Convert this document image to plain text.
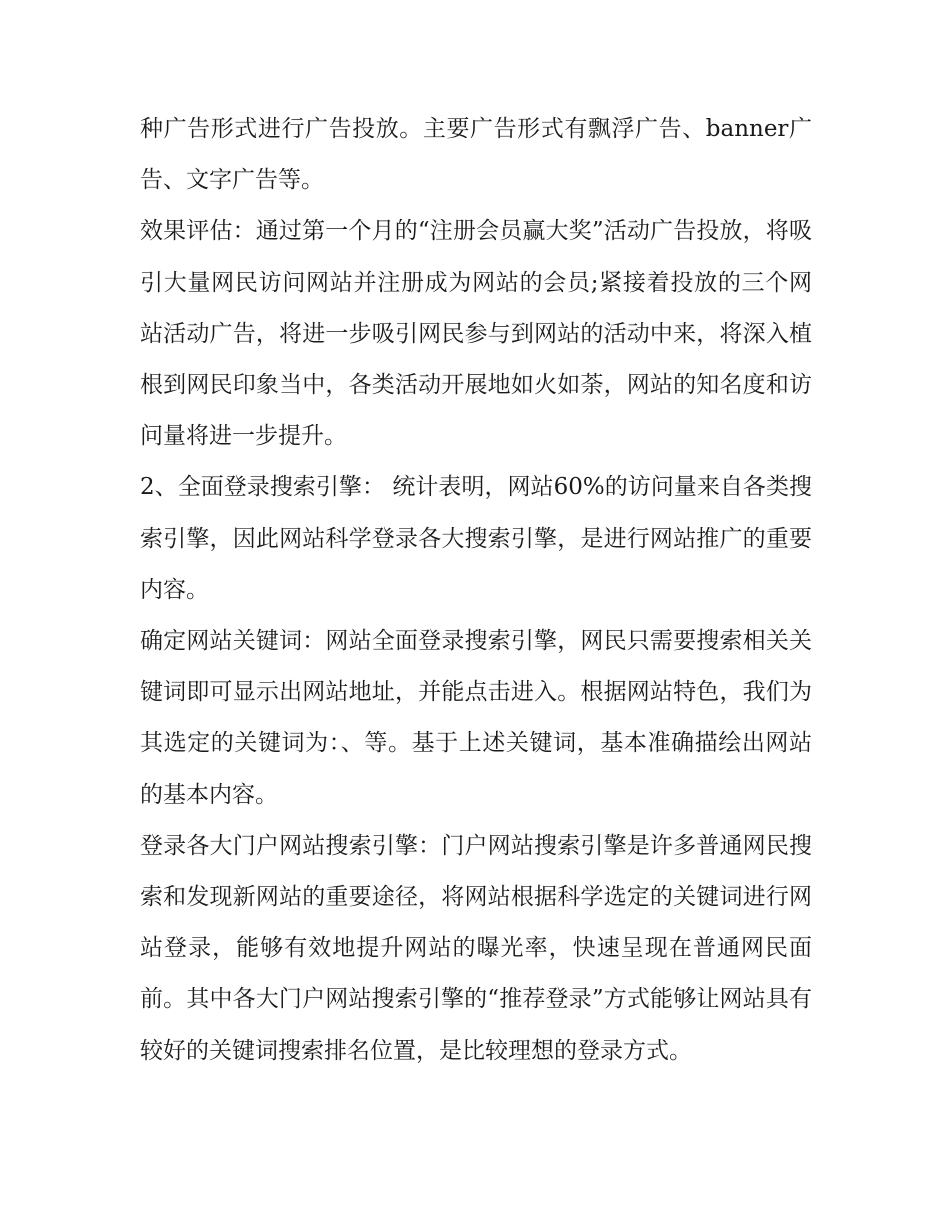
种广告形式进行广告投放。主要广告形式有飘浮广告、banner广告、文字广告等。

效果评估：通过第一个月的“注册会员赢大奖”活动广告投放，将吸引大量网民访问网站并注册成为网站的会员;紧接着投放的三个网站活动广告，将进一步吸引网民参与到网站的活动中来，将深入植根到网民印象当中，各类活动开展地如火如荼，网站的知名度和访问量将进一步提升。

2、全面登录搜索引擎： 统计表明，网站60%的访问量来自各类搜索引擎，因此网站科学登录各大搜索引擎，是进行网站推广的重要内容。

确定网站关键词：网站全面登录搜索引擎，网民只需要搜索相关关键词即可显示出网站地址，并能点击进入。根据网站特色，我们为其选定的关键词为：、等。基于上述关键词，基本准确描绘出网站的基本内容。

登录各大门户网站搜索引擎：门户网站搜索引擎是许多普通网民搜索和发现新网站的重要途径，将网站根据科学选定的关键词进行网站登录，能够有效地提升网站的曝光率，快速呈现在普通网民面前。其中各大门户网站搜索引擎的“推荐登录”方式能够让网站具有较好的关键词搜索排名位置，是比较理想的登录方式。
